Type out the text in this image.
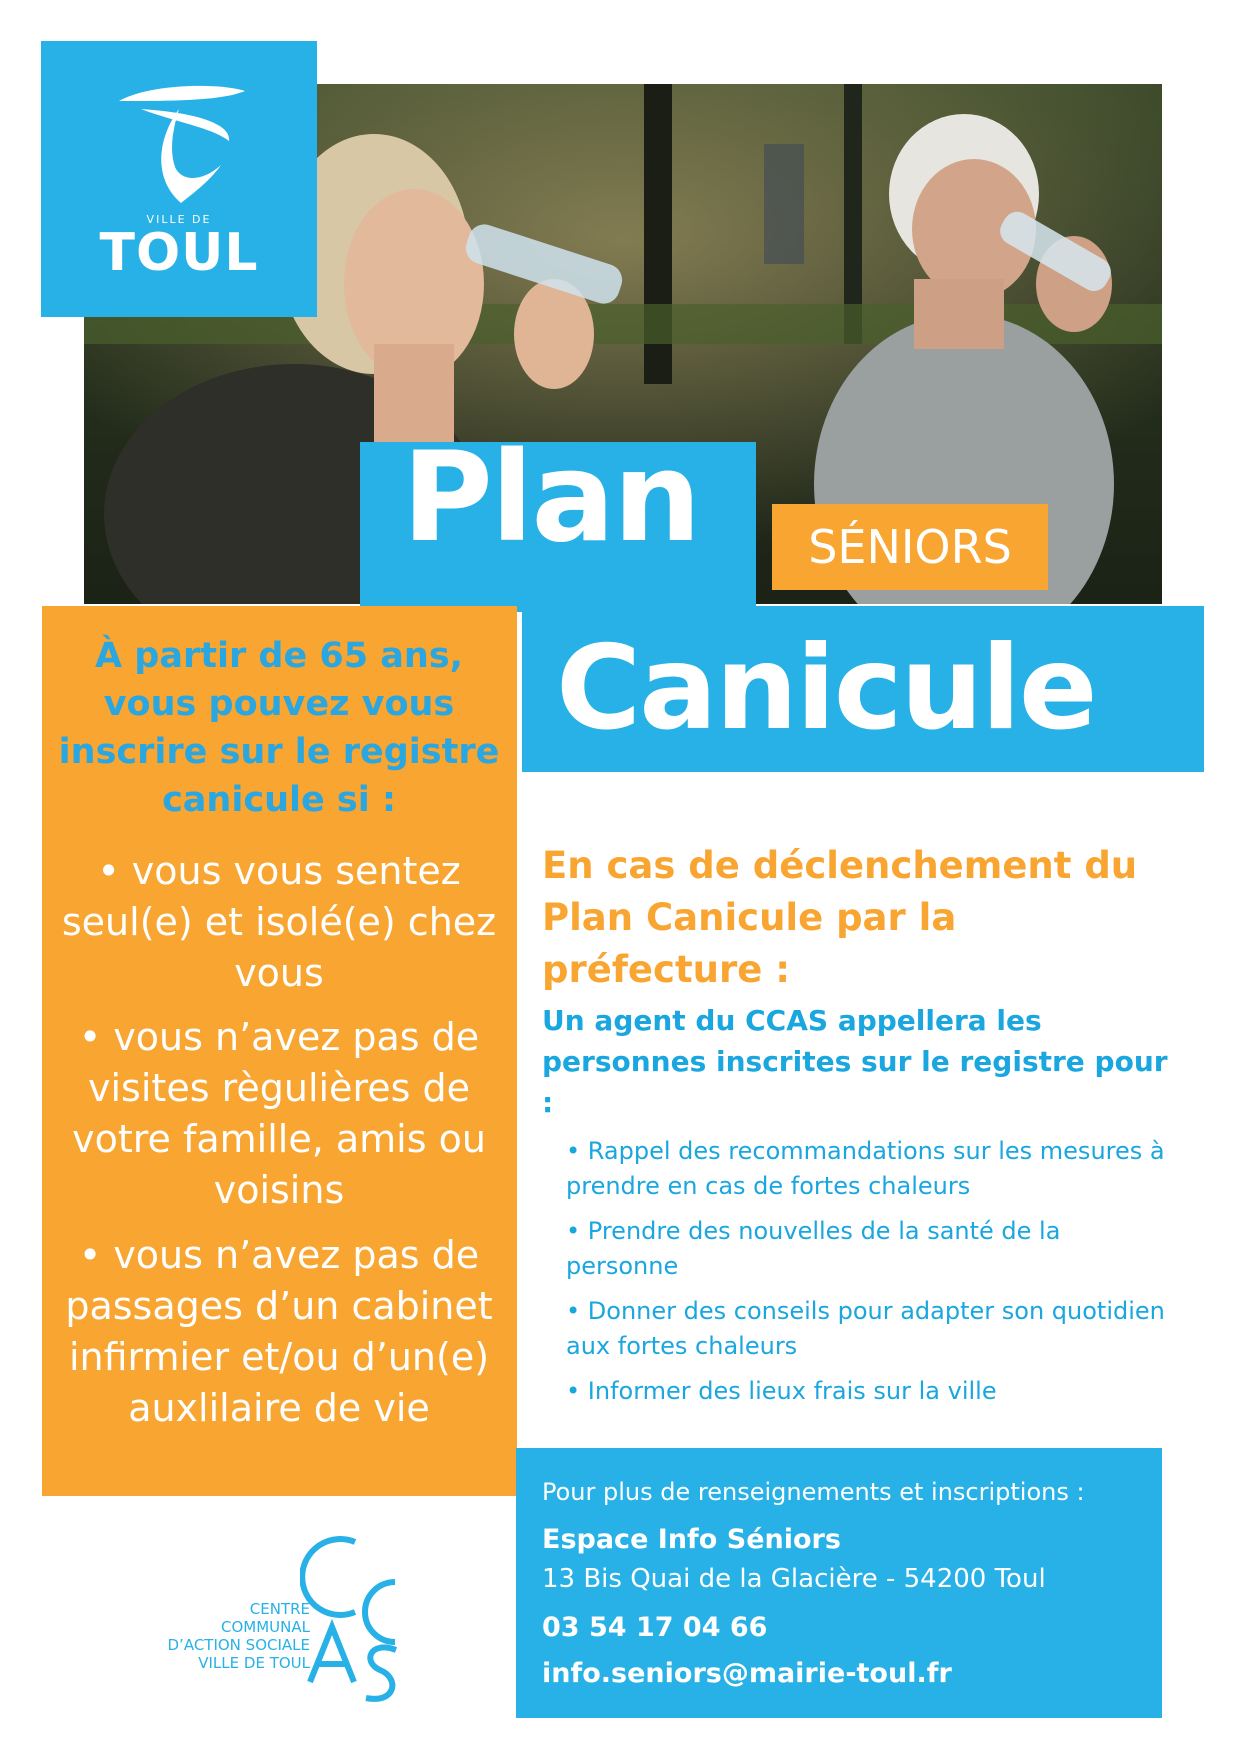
VILLE DE
TOUL
Plan	SÉNIORS
Canicule
À partir de 65 ans, vous pouvez vous inscrire sur le registre canicule si :
• vous vous sentez seul(e) et isolé(e) chez vous
• vous n’avez pas de visites règulières de votre famille, amis ou voisins
• vous n’avez pas de passages d’un cabinet infirmier et/ou d’un(e) auxlilaire de vie
En cas de déclenchement du Plan Canicule par la préfecture :
Un agent du CCAS appellera les personnes inscrites sur le registre pour :
• Rappel des recommandations sur les mesures à prendre en cas de fortes chaleurs
• Prendre des nouvelles de la santé de la personne
• Donner des conseils pour adapter son quotidien aux fortes chaleurs
• Informer des lieux frais sur la ville
Pour plus de renseignements et inscriptions :
Espace Info Séniors
13 Bis Quai de la Glacière - 54200 Toul
03 54 17 04 66
info.seniors@mairie-toul.fr
CENTRE
COMMUNAL
D’ACTION SOCIALE
VILLE DE TOUL
